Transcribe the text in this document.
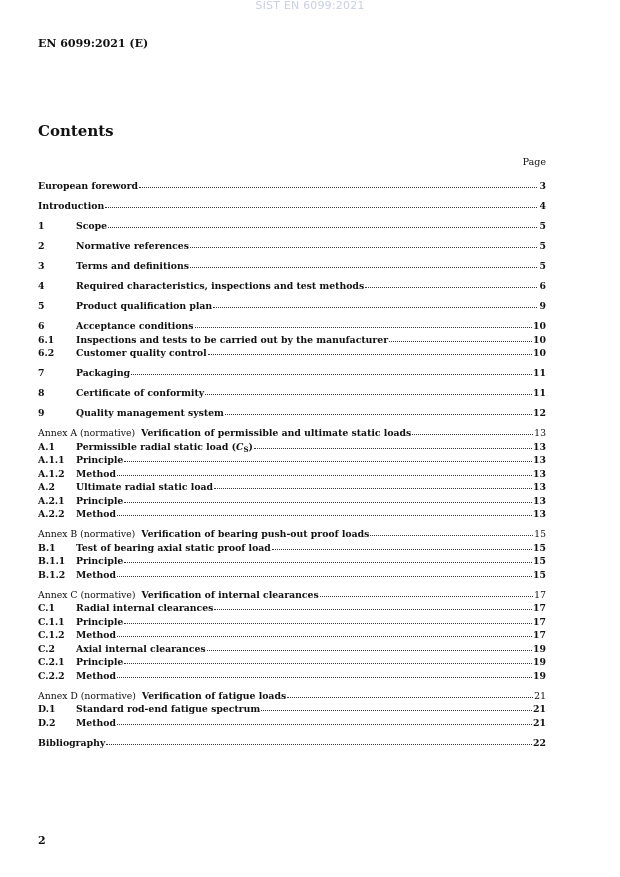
SIST EN 6099:2021
EN 6099:2021 (E)
Contents
Page
European foreword	3
Introduction	4
1	Scope	5
2	Normative references	5
3	Terms and definitions	5
4	Required characteristics, inspections and test methods	6
5	Product qualification plan	9
6	Acceptance conditions	10
6.1	Inspections and tests to be carried out by the manufacturer	10
6.2	Customer quality control	10
7	Packaging	11
8	Certificate of conformity	11
9	Quality management system	12
Annex A (normative) Verification of permissible and ultimate static loads	13
A.1	Permissible radial static load $(C_S)$	13
A.1.1	Principle	13
A.1.2	Method	13
A.2	Ultimate radial static load	13
A.2.1	Principle	13
A.2.2	Method	13
Annex B (normative) Verification of bearing push-out proof loads	15
B.1	Test of bearing axial static proof load	15
B.1.1	Principle	15
B.1.2	Method	15
Annex C (normative) Verification of internal clearances	17
C.1	Radial internal clearances	17
C.1.1	Principle	17
C.1.2	Method	17
C.2	Axial internal clearances	19
C.2.1	Principle	19
C.2.2	Method	19
Annex D (normative) Verification of fatigue loads	21
D.1	Standard rod-end fatigue spectrum	21
D.2	Method	21
Bibliography	22
2
